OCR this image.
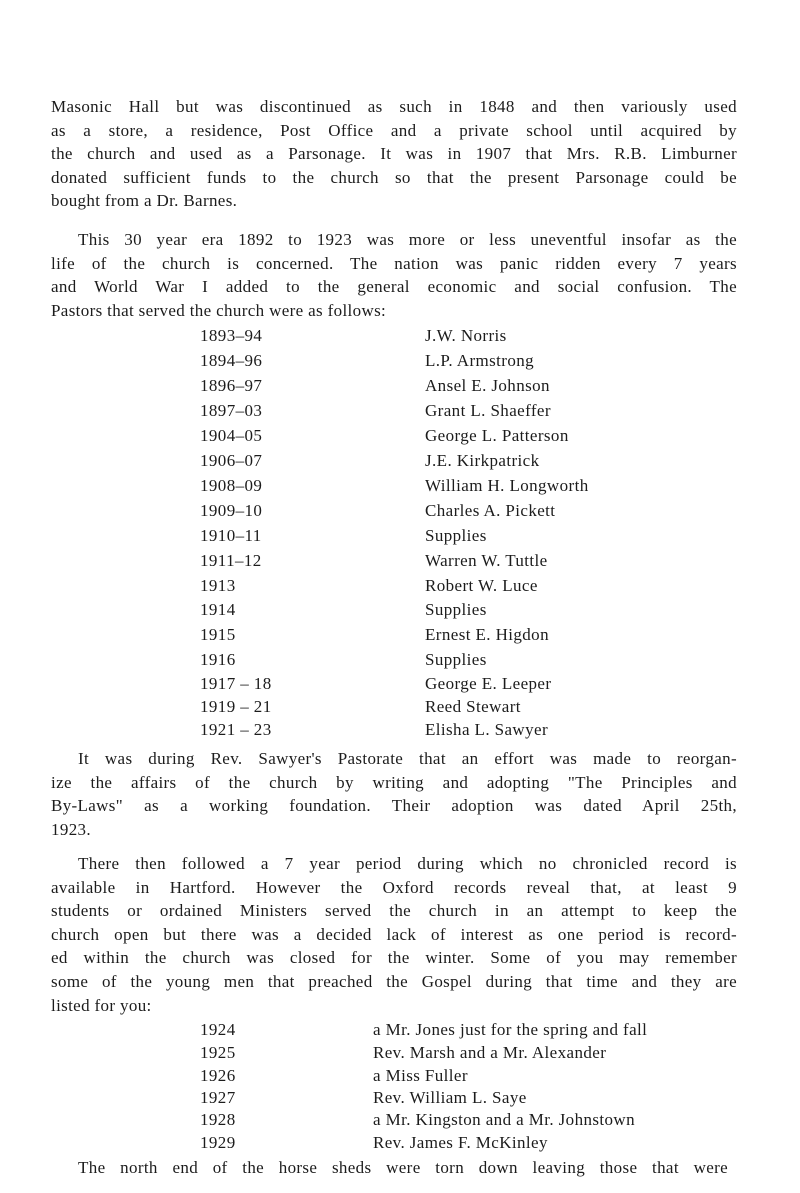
Masonic Hall but was discontinued as such in 1848 and then variously used
as a store, a residence, Post Office and a private school until acquired by
the church and used as a Parsonage. It was in 1907 that Mrs. R.B. Limburner
donated sufficient funds to the church so that the present Parsonage could be
bought from a Dr. Barnes.
This 30 year era 1892 to 1923 was more or less uneventful insofar as the
life of the church is concerned. The nation was panic ridden every 7 years
and World War I added to the general economic and social confusion. The
Pastors that served the church were as follows:
1893–94	J.W. Norris
1894–96	L.P. Armstrong
1896–97	Ansel E. Johnson
1897–03	Grant L. Shaeffer
1904–05	George L. Patterson
1906–07	J.E. Kirkpatrick
1908–09	William H. Longworth
1909–10	Charles A. Pickett
1910–11	Supplies
1911–12	Warren W. Tuttle
1913	Robert W. Luce
1914	Supplies
1915	Ernest E. Higdon
1916	Supplies
1917 – 18	George E. Leeper
1919 – 21	Reed Stewart
1921 – 23	Elisha L. Sawyer
It was during Rev. Sawyer's Pastorate that an effort was made to reorgan-
ize the affairs of the church by writing and adopting "The Principles and
By-Laws" as a working foundation. Their adoption was dated April 25th,
1923.
There then followed a 7 year period during which no chronicled record is
available in Hartford. However the Oxford records reveal that, at least 9
students or ordained Ministers served the church in an attempt to keep the
church open but there was a decided lack of interest as one period is record-
ed within the church was closed for the winter. Some of you may remember
some of the young men that preached the Gospel during that time and they are
listed for you:
1924	a Mr. Jones just for the spring and fall
1925	Rev. Marsh and a Mr. Alexander
1926	a Miss Fuller
1927	Rev. William L. Saye
1928	a Mr. Kingston and a Mr. Johnstown
1929	Rev. James F. McKinley
The north end of the horse sheds were torn down leaving those that were
